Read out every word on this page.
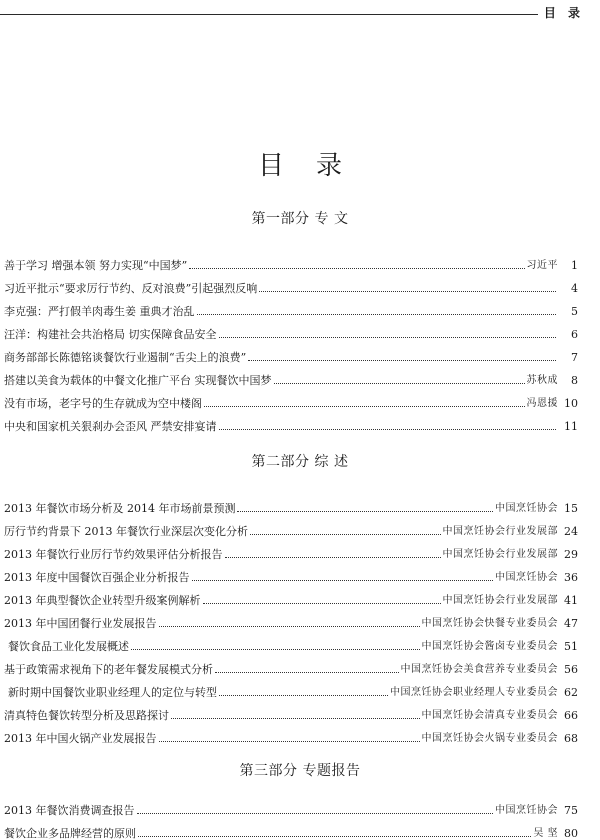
目 录
目录
第一部分 专 文
善于学习 增强本领 努力实现“中国梦”	习近平	1
习近平批示“要求厉行节约、反对浪费”引起强烈反响	4
李克强：严打假羊肉毒生姜 重典才治乱	5
汪洋：构建社会共治格局 切实保障食品安全	6
商务部部长陈德铭谈餐饮行业遏制“舌尖上的浪费”	7
搭建以美食为载体的中餐文化推广平台 实现餐饮中国梦	苏秋成	8
没有市场，老字号的生存就成为空中楼阁	冯恩援 10
中央和国家机关狠刹办会歪风 严禁安排宴请	11
第二部分 综 述
2013 年餐饮市场分析及 2014 年市场前景预测	中国烹饪协会 15
厉行节约背景下 2013 年餐饮行业深层次变化分析	中国烹饪协会行业发展部 24
2013 年餐饮行业厉行节约效果评估分析报告	中国烹饪协会行业发展部 29
2013 年度中国餐饮百强企业分析报告	中国烹饪协会 36
2013 年典型餐饮企业转型升级案例解析	中国烹饪协会行业发展部 41
2013 年中国团餐行业发展报告	中国烹饪协会快餐专业委员会 47
餐饮食品工业化发展概述	中国烹饪协会酱卤专业委员会 51
基于政策需求视角下的老年餐发展模式分析	中国烹饪协会美食营养专业委员会 56
新时期中国餐饮业职业经理人的定位与转型	中国烹饪协会职业经理人专业委员会 62
清真特色餐饮转型分析及思路探讨	中国烹饪协会清真专业委员会 66
2013 年中国火锅产业发展报告	中国烹饪协会火锅专业委员会 68
第三部分 专题报告
2013 年餐饮消费调查报告	中国烹饪协会 75
餐饮企业多品牌经营的原则	吴 坚 80
